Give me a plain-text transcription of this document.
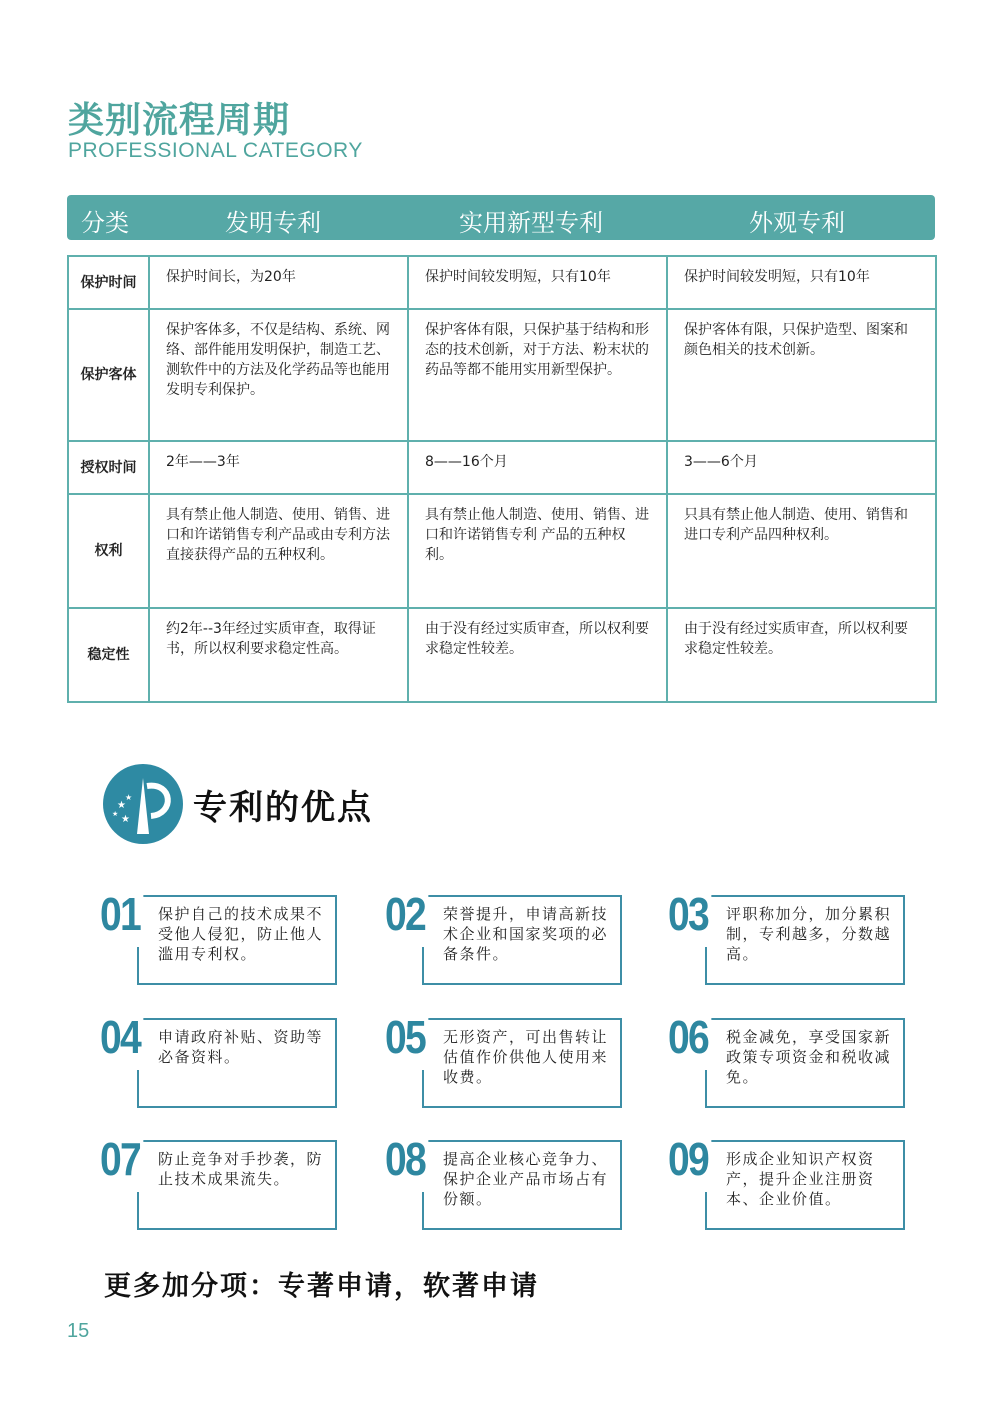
类别流程周期
PROFESSIONAL CATEGORY
分类	发明专利	实用新型专利	外观专利
保护时间	保护时间长，为20年	保护时间较发明短，只有10年	保护时间较发明短，只有10年
保护客体	保护客体多，不仅是结构、系统、网络、部件能用发明保护，制造工艺、测软件中的方法及化学药品等也能用发明专利保护。	保护客体有限，只保护基于结构和形态的技术创新，对于方法、粉末状的药品等都不能用实用新型保护。	保护客体有限，只保护造型、图案和颜色相关的技术创新。
授权时间	2年——3年	8——16个月	3——6个月
权利	具有禁止他人制造、使用、销售、进口和许诺销售专利产品或由专利方法直接获得产品的五种权利。	具有禁止他人制造、使用、销售、进口和许诺销售专利 产品的五种权利。	只具有禁止他人制造、使用、销售和进口专利产品四种权利。
稳定性	约2年--3年经过实质审查，取得证书，所以权利要求稳定性高。	由于没有经过实质审查，所以权利要求稳定性较差。	由于没有经过实质审查，所以权利要求稳定性较差。
★
★
★
★ 专利的优点
01 保护自己的技术成果不受他人侵犯，防止他人滥用专利权。
02 荣誉提升，申请高新技术企业和国家奖项的必备条件。
03 评职称加分，加分累积制，专利越多，分数越高。
04 申请政府补贴、资助等必备资料。	05 无形资产，可出售转让估值作价供他人使用来收费。
06 税金减免，享受国家新政策专项资金和税收减免。
07 防止竞争对手抄袭，防止技术成果流失。	08 提高企业核心竞争力、保护企业产品市场占有份额。
09 形成企业知识产权资产，提升企业注册资本、企业价值。
更多加分项：专著申请，软著申请
15
